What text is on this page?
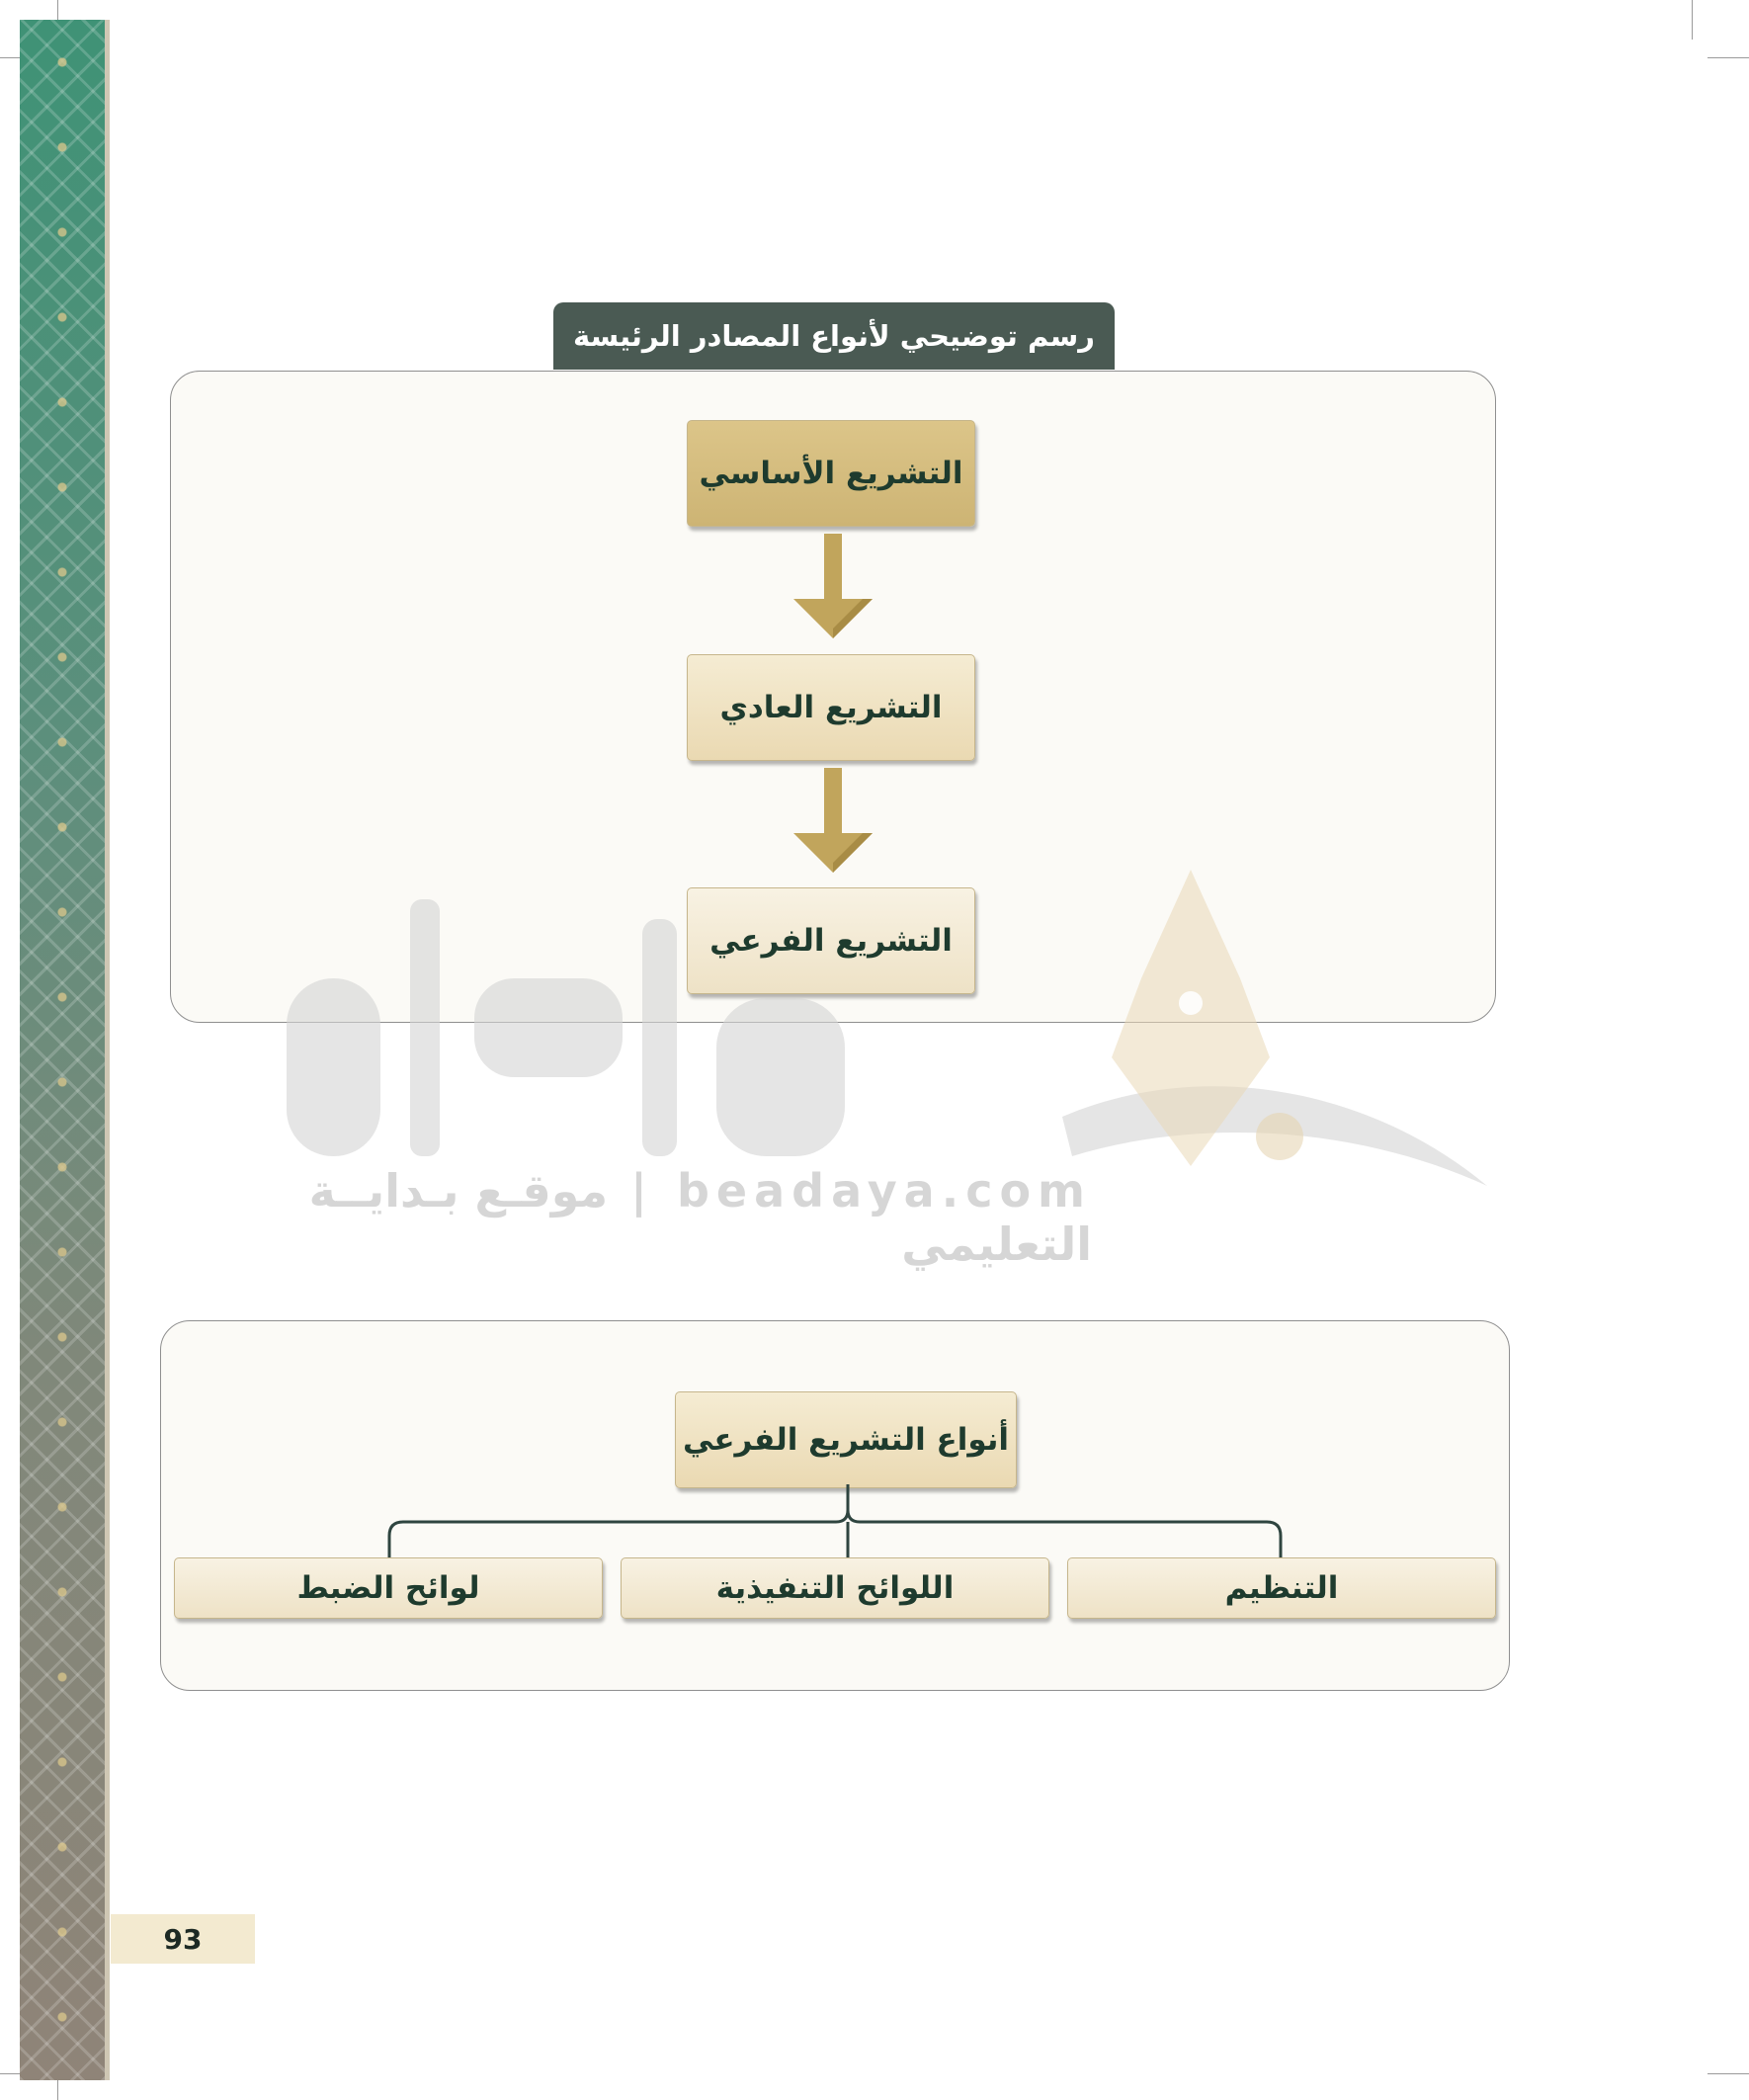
رسم توضيحي لأنواع المصادر الرئيسة
التشريع الأساسي
التشريع العادي
التشريع الفرعي
beadaya.com | موقـع بـدايــة التعليمي
أنواع التشريع الفرعي
التنظيم
اللوائح التنفيذية
لوائح الضبط
93
